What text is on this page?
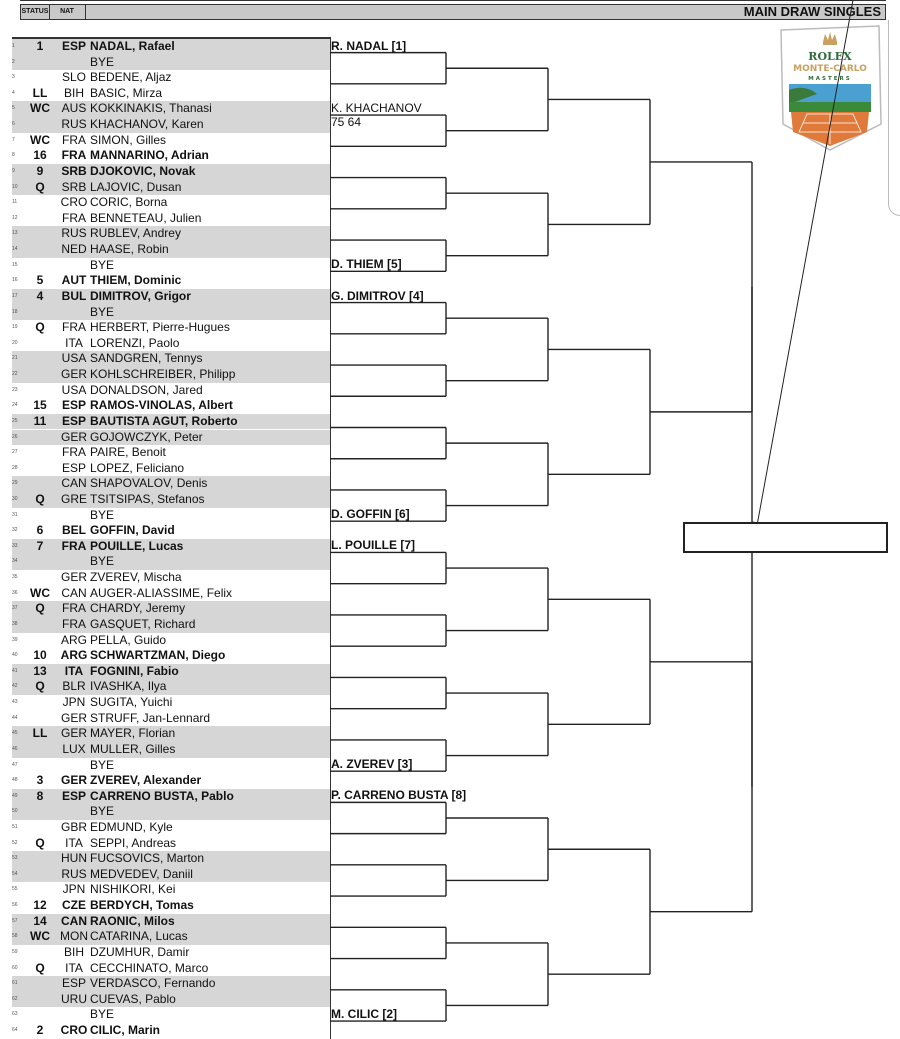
STATUS	NAT	MAIN DRAW SINGLES
ROLEX
MONTE-CARLO
MASTERS
1	1	ESP NADAL, Rafael
2	BYE
3	SLO BEDENE, Aljaz
4	LL	BIH BASIC, Mirza
5	WC AUS KOKKINAKIS, Thanasi
6	RUS KHACHANOV, Karen
7	WC	FRA SIMON, Gilles
8	16	FRA MANNARINO, Adrian
9	9	SRB DJOKOVIC, Novak
10	Q	SRB LAJOVIC, Dusan
11	CRO CORIC, Borna
12	FRA BENNETEAU, Julien
13	RUS RUBLEV, Andrey
14	NED HAASE, Robin
15	BYE
16	5	AUT THIEM, Dominic
17	4	BUL DIMITROV, Grigor
18	BYE
19	Q	FRA HERBERT, Pierre-Hugues
20	ITA LORENZI, Paolo
21	USA SANDGREN, Tennys
22	GER KOHLSCHREIBER, Philipp
23	USA DONALDSON, Jared
24	15	ESP RAMOS-VINOLAS, Albert
25	11	ESP BAUTISTA AGUT, Roberto
26	GER GOJOWCZYK, Peter
27	FRA PAIRE, Benoit
28	ESP LOPEZ, Feliciano
29	CAN SHAPOVALOV, Denis
30	Q	GRE TSITSIPAS, Stefanos
31	BYE
32	6	BEL GOFFIN, David
33	7	FRA POUILLE, Lucas
34	BYE
35	GER ZVEREV, Mischa
36	WC CAN AUGER-ALIASSIME, Felix
37	Q	FRA CHARDY, Jeremy
38	FRA GASQUET, Richard
39	ARG PELLA, Guido
40	10	ARG SCHWARTZMAN, Diego
41	13	ITA FOGNINI, Fabio
42	Q	BLR IVASHKA, Ilya
43	JPN SUGITA, Yuichi
44	GER STRUFF, Jan-Lennard
45	LL	GER MAYER, Florian
46	LUX MULLER, Gilles
47	BYE
48	3	GER ZVEREV, Alexander
49	8	ESP CARRENO BUSTA, Pablo
50	BYE
51	GBR EDMUND, Kyle
52	Q	ITA SEPPI, Andreas
53	HUN FUCSOVICS, Marton
54	RUS MEDVEDEV, Daniil
55	JPN NISHIKORI, Kei
56	12	CZE BERDYCH, Tomas
57	14	CAN RAONIC, Milos
58	WC MON CATARINA, Lucas
59	BIH DZUMHUR, Damir
60	Q	ITA CECCHINATO, Marco
61	ESP VERDASCO, Fernando
62	URU CUEVAS, Pablo
63	BYE
64	2	CRO CILIC, Marin
R. NADAL [1]
K. KHACHANOV
75 64
D. THIEM [5]
G. DIMITROV [4]
D. GOFFIN [6]
L. POUILLE [7]
A. ZVEREV [3]
P. CARRENO BUSTA [8]
M. CILIC [2]
